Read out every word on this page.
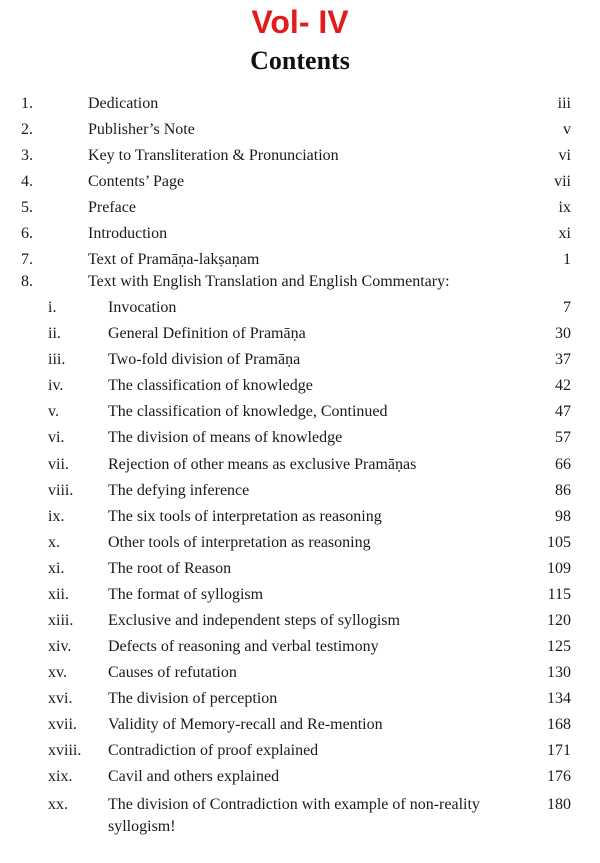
Vol- IV
Contents
1.	Dedication	iii
2.	Publisher’s Note	v
3.	Key to Transliteration & Pronunciation	vi
4.	Contents’ Page	vii
5.	Preface	ix
6.	Introduction	xi
7.	Text of Pramāṇa-lakṣaṇam	1
8.	Text with English Translation and English Commentary:
i.	Invocation	7
ii.	General Definition of Pramāṇa	30
iii.	Two-fold division of Pramāṇa	37
iv.	The classification of knowledge	42
v.	The classification of knowledge, Continued	47
vi.	The division of means of knowledge	57
vii. Rejection of other means as exclusive Pramāṇas	66
viii. The defying inference	86
ix.	The six tools of interpretation as reasoning	98
x.	Other tools of interpretation as reasoning	105
xi.	The root of Reason	109
xii. The format of syllogism	115
xiii. Exclusive and independent steps of syllogism	120
xiv. Defects of reasoning and verbal testimony	125
xv.	Causes of refutation	130
xvi. The division of perception	134
xvii. Validity of Memory-recall and Re-mention	168
xviii. Contradiction of proof explained	171
xix. Cavil and others explained	176
xx.	The division of Contradiction with example of non-reality	180
syllogism!
